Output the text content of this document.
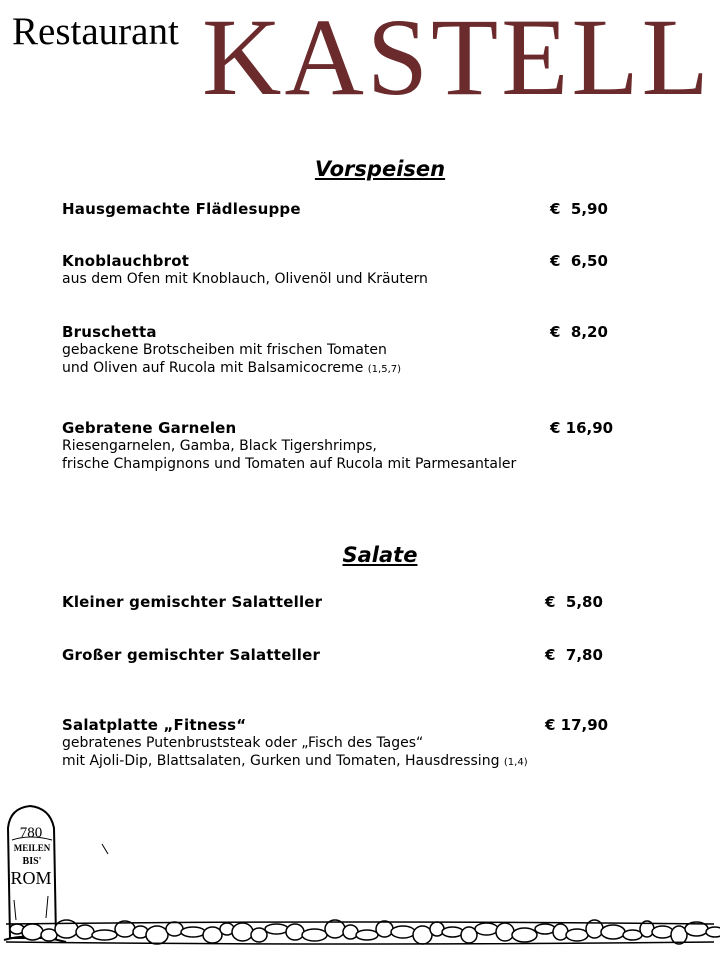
Restaurant KASTELL
Vorspeisen
Hausgemachte Flädlesuppe	€  5,90
Knoblauchbrot	€  6,50
aus dem Ofen mit Knoblauch, Olivenöl und Kräutern
Bruschetta	€  8,20
gebackene Brotscheiben mit frischen Tomaten
und Oliven auf Rucola mit Balsamicocreme (1,5,7)
Gebratene Garnelen	€ 16,90
Riesengarnelen, Gamba, Black Tigershrimps,
frische Champignons und Tomaten auf Rucola mit Parmesantaler
Salate
Kleiner gemischter Salatteller	€  5,80
Großer gemischter Salatteller	€  7,80
Salatplatte „Fitness“	€ 17,90
gebratenes Putenbruststeak oder „Fisch des Tages“
mit Ajoli-Dip, Blattsalaten, Gurken und Tomaten, Hausdressing (1,4)
780
MEILEN
BIS'
ROM
